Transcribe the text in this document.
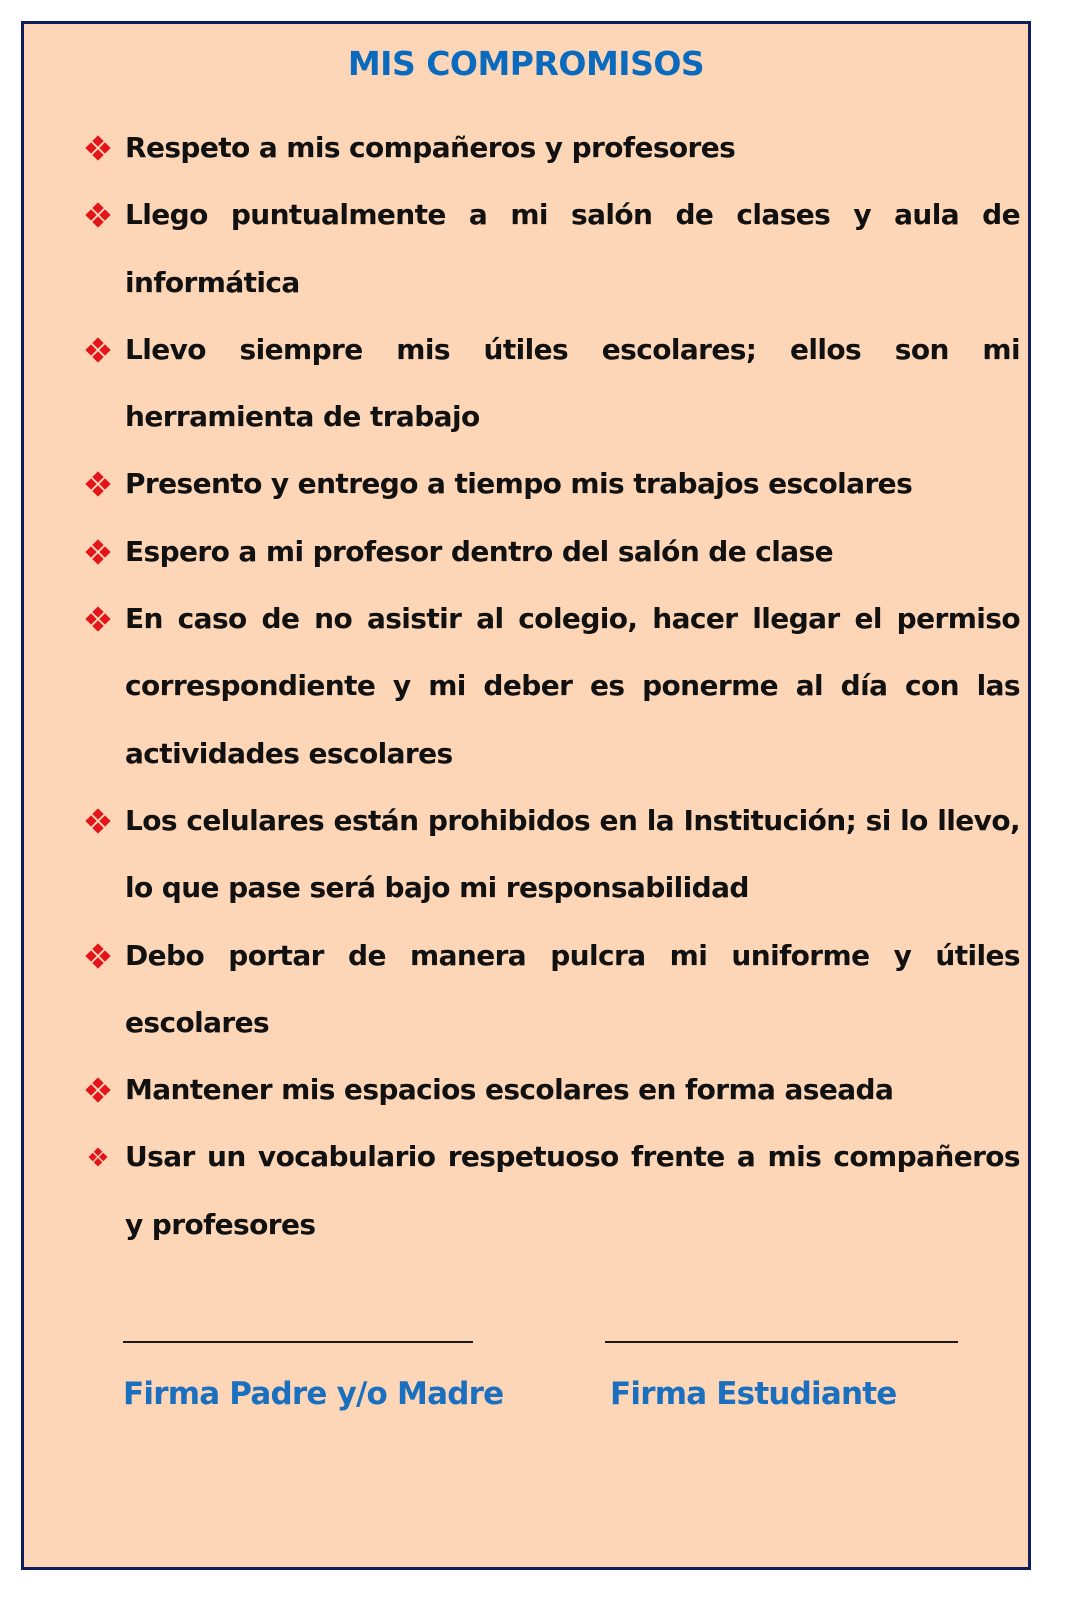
MIS COMPROMISOS
Respeto a mis compañeros y profesores
Llego puntualmente a mi salón de clases y aula de informática
Llevo siempre mis útiles escolares; ellos son mi herramienta de trabajo
Presento y entrego a tiempo mis trabajos escolares
Espero a mi profesor dentro del salón de clase
En caso de no asistir al colegio, hacer llegar el permiso correspondiente y mi deber es ponerme al día con las actividades escolares
Los celulares están prohibidos en la Institución; si lo llevo, lo que pase será bajo mi responsabilidad
Debo portar de manera pulcra mi uniforme y útiles escolares
Mantener mis espacios escolares en forma aseada
Usar un vocabulario respetuoso frente a mis compañeros y profesores
Firma Padre y/o Madre	Firma Estudiante
